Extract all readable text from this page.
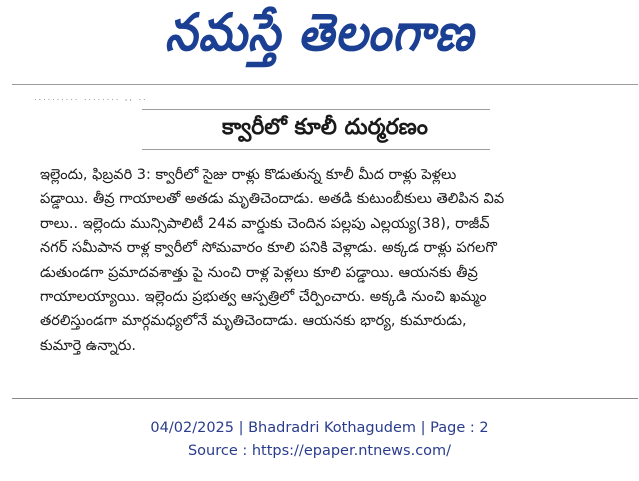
నమస్తే తెలంగాణ
.......... ........ ,, ..
క్వారీలో కూలీ దుర్మరణం
ఇల్లెందు, ఫిబ్రవరి 3: క్వారీలో సైజు రాళ్లు కొడుతున్న కూలీ మీద రాళ్లు పెళ్లలు
పడ్డాయి. తీవ్ర గాయాలతో అతడు మృతిచెందాడు. అతడి కుటుంబీకులు తెలిపిన వివ
రాలు.. ఇల్లెందు మున్సిపాలిటీ 24వ వార్డుకు చెందిన పల్లపు ఎల్లయ్య(38), రాజీవ్
నగర్ సమీపాన రాళ్ల క్వారీలో సోమవారం కూలి పనికి వెళ్లాడు. అక్కడ రాళ్లు పగలగొ
డుతుండగా ప్రమాదవశాత్తు పై నుంచి రాళ్ల పెళ్లలు కూలి పడ్డాయి. ఆయనకు తీవ్ర
గాయాలయ్యాయి. ఇల్లెందు ప్రభుత్వ ఆస్పత్రిలో చేర్పించారు. అక్కడి నుంచి ఖమ్మం
తరలిస్తుండగా మార్గమధ్యలోనే మృతిచెందాడు. ఆయనకు భార్య, కుమారుడు,
కుమార్తె ఉన్నారు.
04/02/2025 | Bhadradri Kothagudem | Page : 2
Source : https://epaper.ntnews.com/
